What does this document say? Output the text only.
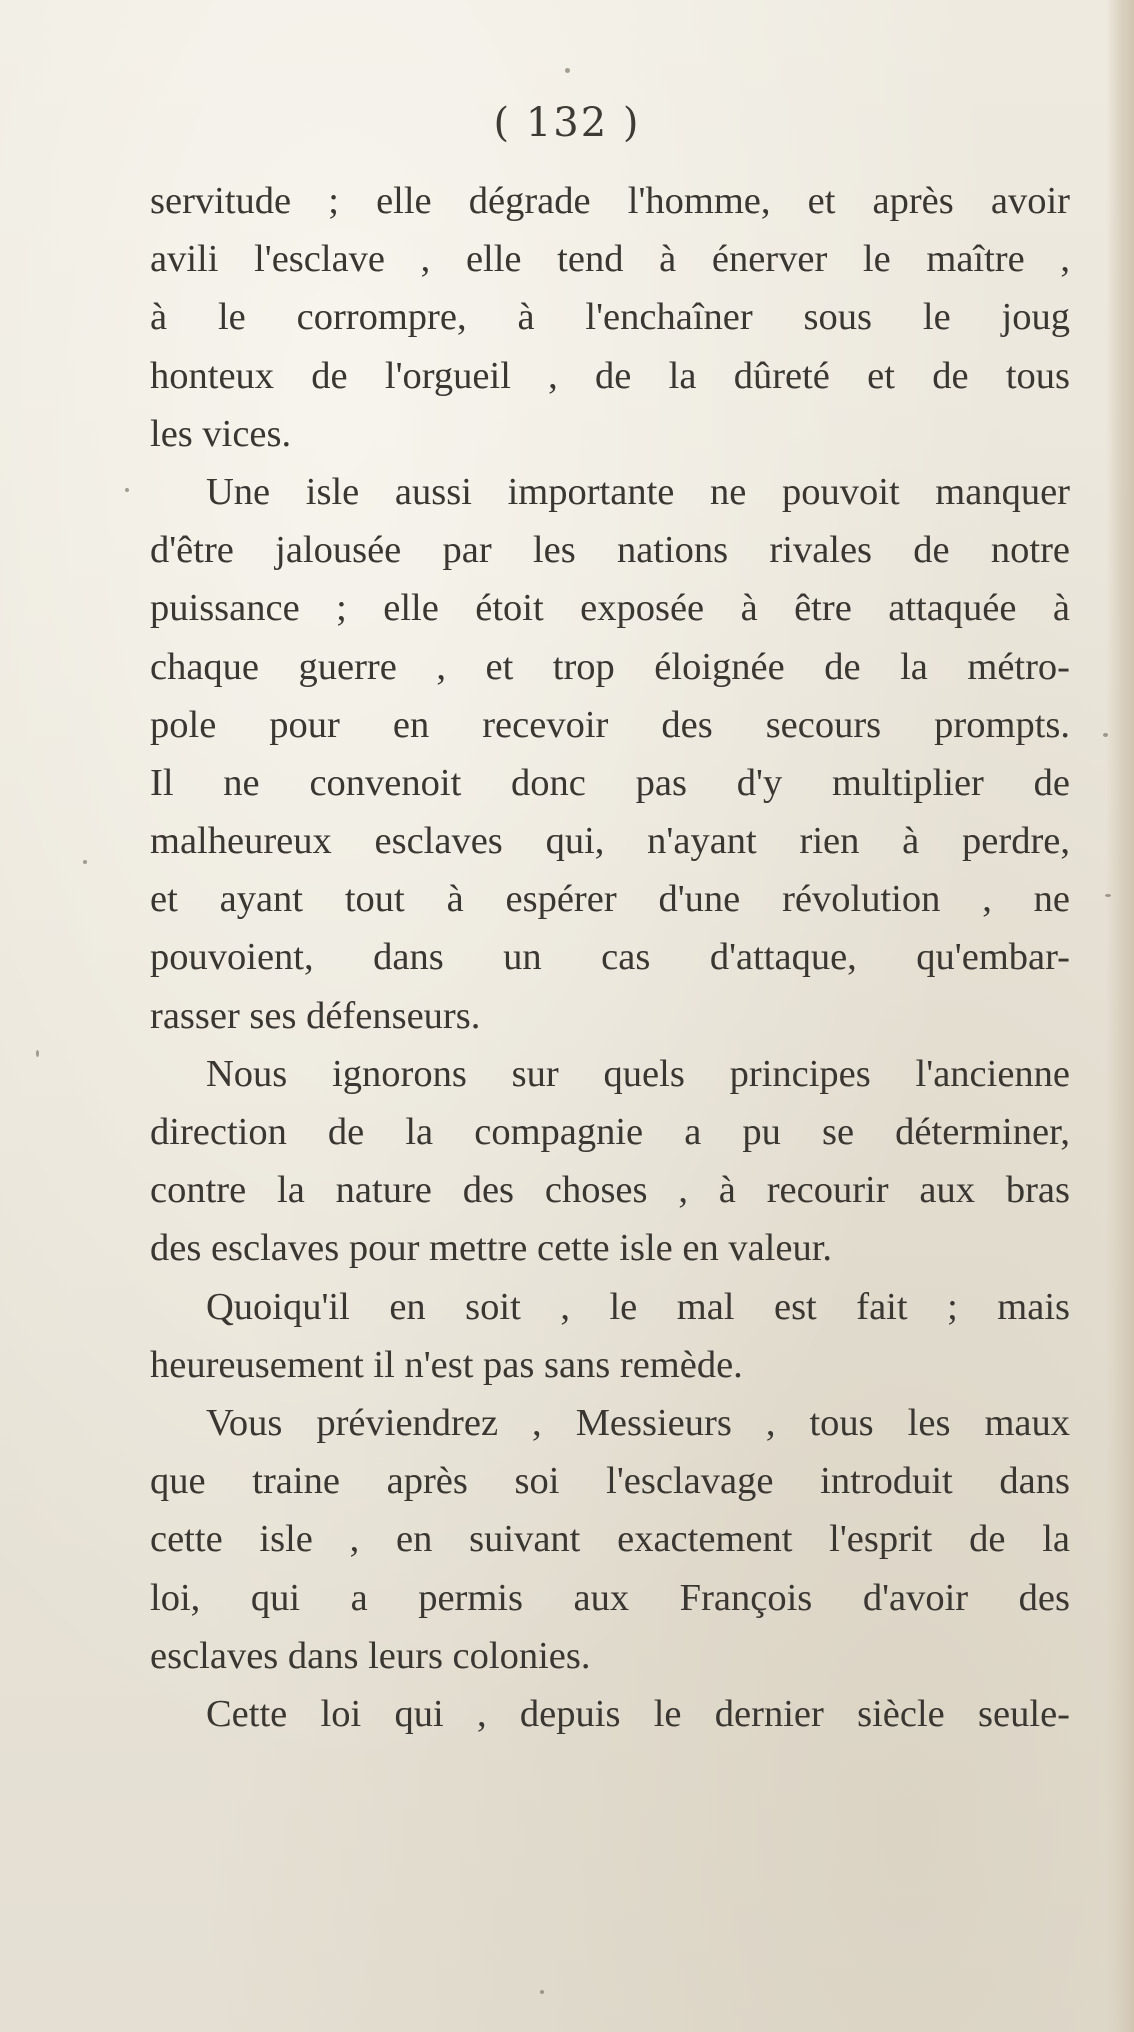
( 132 )

servitude ; elle dégrade l'homme, et après avoir
avili l'esclave , elle tend à énerver le maître ,
à le corrompre, à l'enchaîner sous le joug
honteux de l'orgueil , de la dûreté et de tous
les vices.
Une isle aussi importante ne pouvoit manquer
d'être jalousée par les nations rivales de notre
puissance ; elle étoit exposée à être attaquée à
chaque guerre , et trop éloignée de la métro-
pole pour en recevoir des secours prompts.
Il ne convenoit donc pas d'y multiplier de
malheureux esclaves qui, n'ayant rien à perdre,
et ayant tout à espérer d'une révolution , ne
pouvoient, dans un cas d'attaque, qu'embar-
rasser ses défenseurs.
Nous ignorons sur quels principes l'ancienne
direction de la compagnie a pu se déterminer,
contre la nature des choses , à recourir aux bras
des esclaves pour mettre cette isle en valeur.
Quoiqu'il en soit , le mal est fait ; mais
heureusement il n'est pas sans remède.
Vous préviendrez , Messieurs , tous les maux
que traine après soi l'esclavage introduit dans
cette isle , en suivant exactement l'esprit de la
loi, qui a permis aux François d'avoir des
esclaves dans leurs colonies.
Cette loi qui , depuis le dernier siècle seule-
